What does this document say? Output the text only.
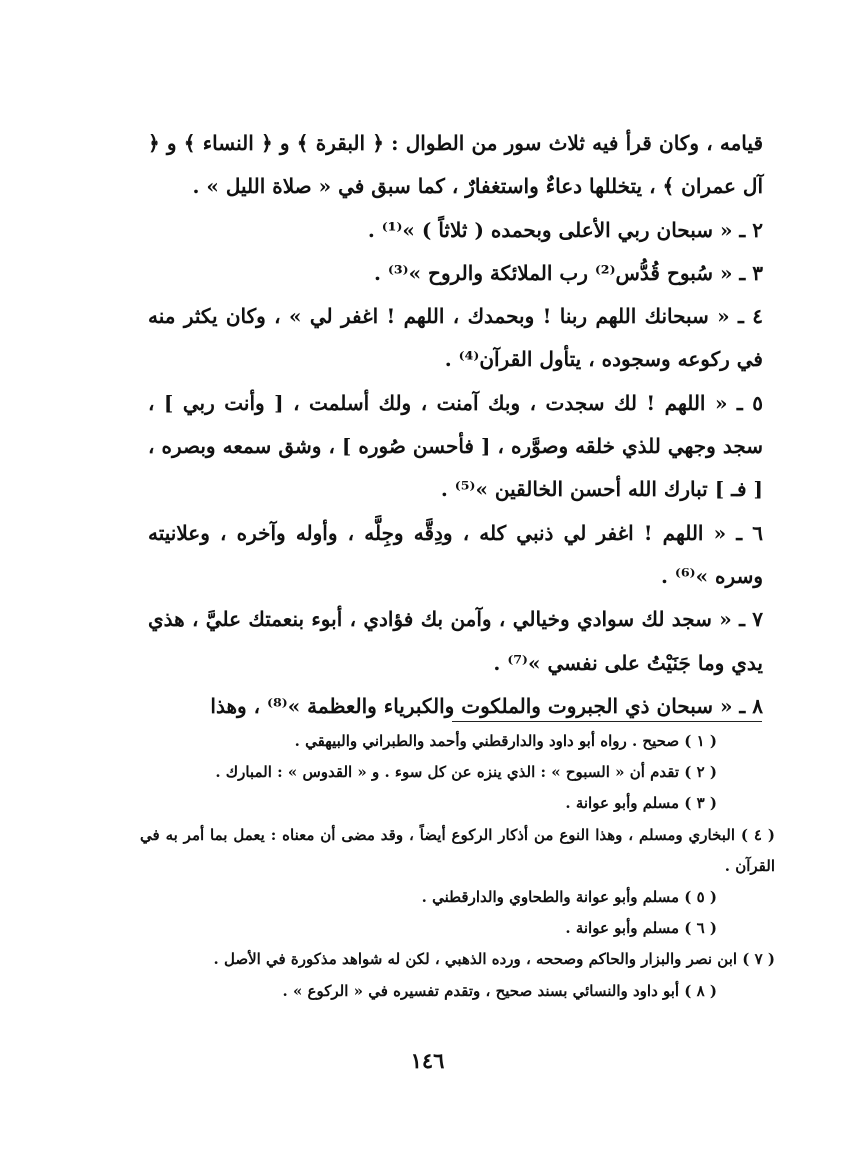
قيامه ، وكان قرأ فيه ثلاث سور من الطوال : ﴿ البقرة ﴾ و ﴿ النساء ﴾ و ﴿ آل عمران ﴾ ، يتخللها دعاءٌ واستغفارٌ ، كما سبق في « صلاة الليل » .

٢ ـ « سبحان ربي الأعلى وبحمده ( ثلاثاً ) »⁽¹⁾ .

٣ ـ « سُبوح قُدُّس⁽²⁾ رب الملائكة والروح »⁽³⁾ .

٤ ـ « سبحانك اللهم ربنا ! وبحمدك ، اللهم ! اغفر لي » ، وكان يكثر منه في ركوعه وسجوده ، يتأول القرآن⁽⁴⁾ .

٥ ـ « اللهم ! لك سجدت ، وبك آمنت ، ولك أسلمت ، [ وأنت ربي ] ، سجد وجهي للذي خلقه وصوَّره ، [ فأحسن صُوره ] ، وشق سمعه وبصره ، [ فـ ] تبارك الله أحسن الخالقين »⁽⁵⁾ .

٦ ـ « اللهم ! اغفر لي ذنبي كله ، ودِقَّه وجِلَّه ، وأوله وآخره ، وعلانيته وسره »⁽⁶⁾ .

٧ ـ « سجد لك سوادي وخيالي ، وآمن بك فؤادي ، أبوء بنعمتك عليَّ ، هذي يدي وما جَنَيْتُ على نفسي »⁽⁷⁾ .

٨ ـ « سبحان ذي الجبروت والملكوت والكبرياء والعظمة »⁽⁸⁾ ، وهذا

( ١ ) صحيح . رواه أبو داود والدارقطني وأحمد والطبراني والبيهقي .

( ٢ ) تقدم أن « السبوح » : الذي ينزه عن كل سوء . و « القدوس » : المبارك .

( ٣ ) مسلم وأبو عوانة .

( ٤ ) البخاري ومسلم ، وهذا النوع من أذكار الركوع أيضاً ، وقد مضى أن معناه : يعمل بما أمر به في القرآن .

( ٥ ) مسلم وأبو عوانة والطحاوي والدارقطني .

( ٦ ) مسلم وأبو عوانة .

( ٧ ) ابن نصر والبزار والحاكم وصححه ، ورده الذهبي ، لكن له شواهد مذكورة في الأصل .

( ٨ ) أبو داود والنسائي بسند صحيح ، وتقدم تفسيره في « الركوع » .

١٤٦
